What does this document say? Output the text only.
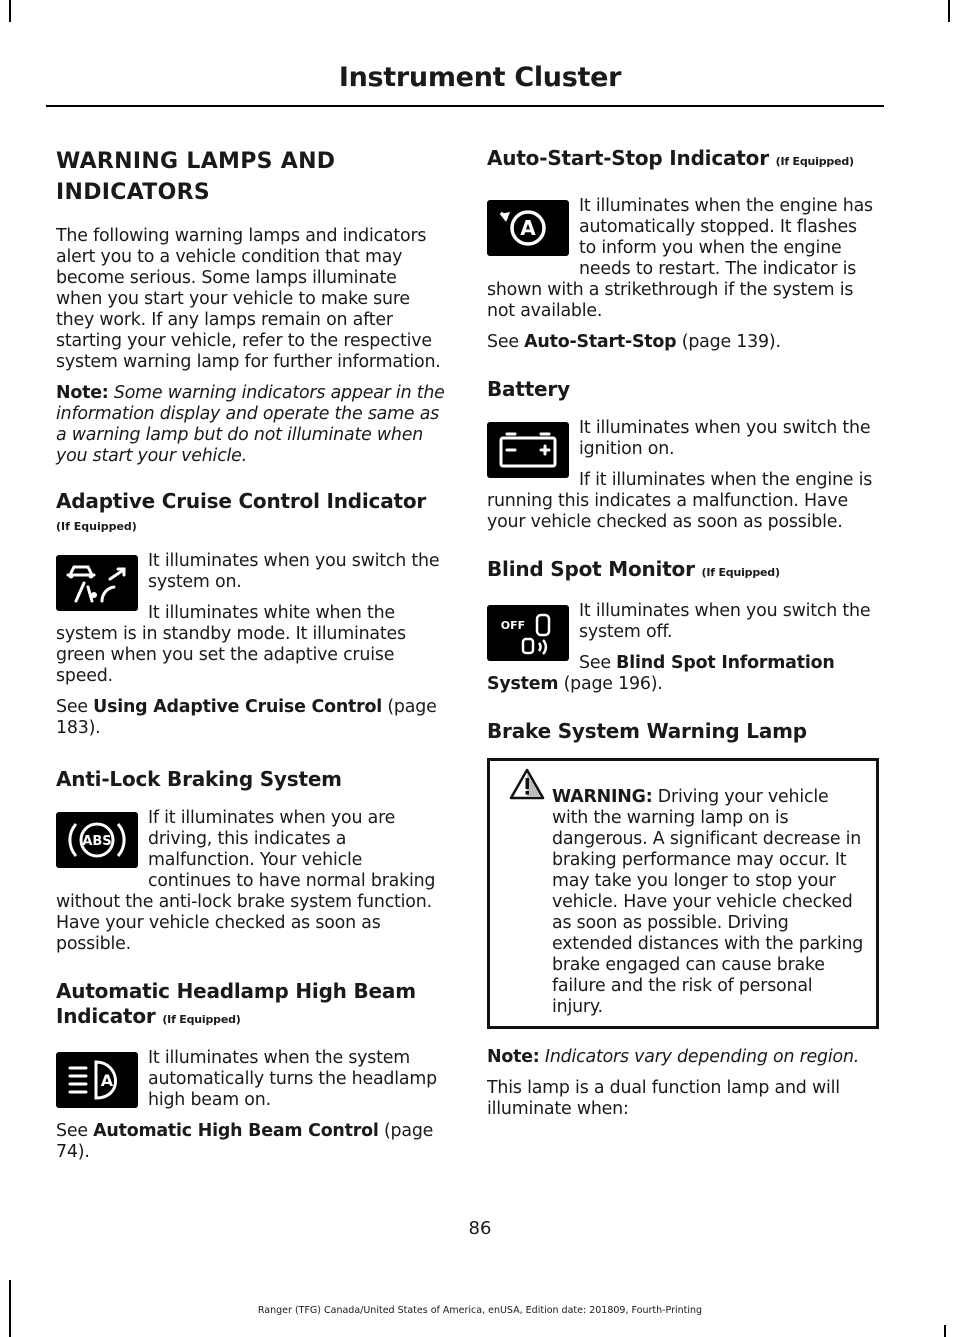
Instrument Cluster
WARNING LAMPS AND INDICATORS

The following warning lamps and indicators alert you to a vehicle condition that may become serious. Some lamps illuminate when you start your vehicle to make sure they work. If any lamps remain on after starting your vehicle, refer to the respective system warning lamp for further information.

Note: Some warning indicators appear in the information display and operate the same as a warning lamp but do not illuminate when you start your vehicle.

Adaptive Cruise Control Indicator
(If Equipped)

It illuminates when you switch the system on.

It illuminates white when the system is in standby mode. It illuminates green when you set the adaptive cruise speed.

See Using Adaptive Cruise Control (page 183).

Anti-Lock Braking System
ABS

If it illuminates when you are driving, this indicates a malfunction. Your vehicle continues to have normal braking without the anti-lock brake system function. Have your vehicle checked as soon as possible.

Automatic Headlamp High Beam Indicator (If Equipped)
A

It illuminates when the system automatically turns the headlamp high beam on.

See Automatic High Beam Control (page 74).

Auto-Start-Stop Indicator (If Equipped)
A

It illuminates when the engine has automatically stopped. It flashes to inform you when the engine needs to restart. The indicator is shown with a strikethrough if the system is not available.

See Auto-Start-Stop (page 139).

Battery

It illuminates when you switch the ignition on.

If it illuminates when the engine is running this indicates a malfunction. Have your vehicle checked as soon as possible.

Blind Spot Monitor (If Equipped)
OFF

It illuminates when you switch the system off.

See Blind Spot Information System (page 196).

Brake System Warning Lamp
WARNING: Driving your vehicle with the warning lamp on is dangerous. A significant decrease in braking performance may occur. It may take you longer to stop your vehicle. Have your vehicle checked as soon as possible. Driving extended distances with the parking brake engaged can cause brake failure and the risk of personal injury.

Note: Indicators vary depending on region.

This lamp is a dual function lamp and will illuminate when:

86
Ranger (TFG) Canada/United States of America, enUSA, Edition date: 201809, Fourth-Printing
